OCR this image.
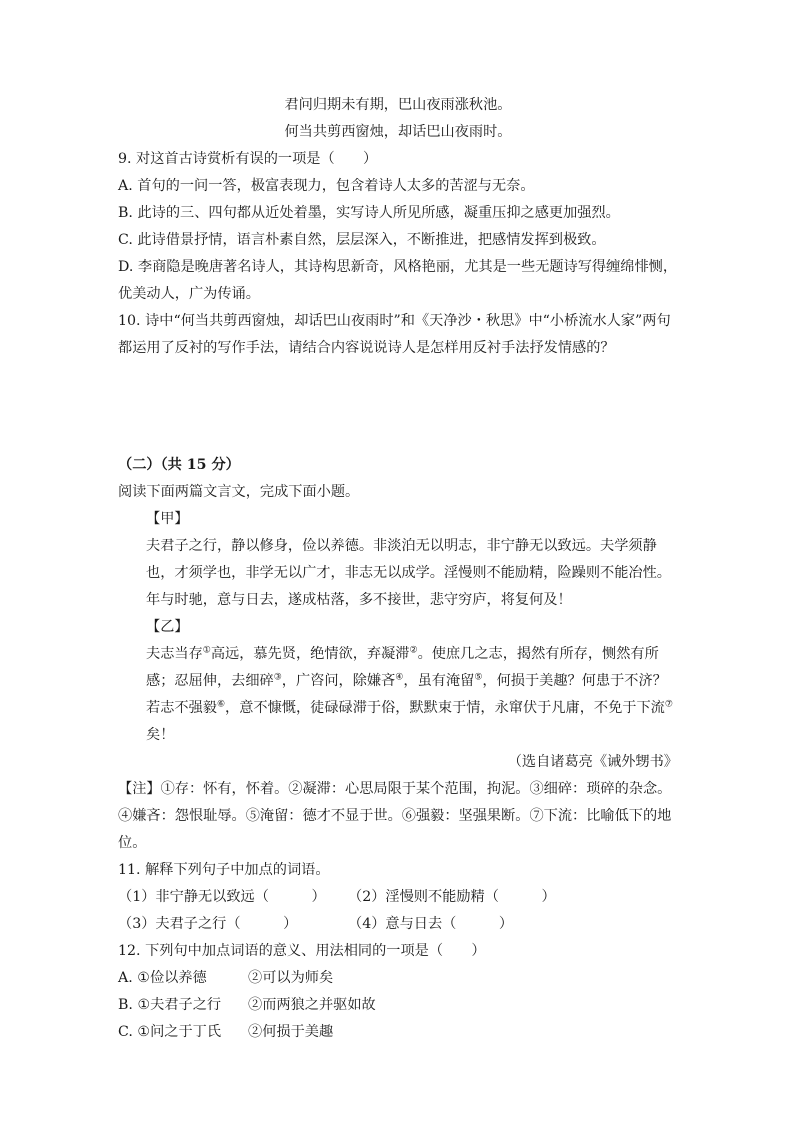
君问归期未有期，巴山夜雨涨秋池。

何当共剪西窗烛，却话巴山夜雨时。

9. 对这首古诗赏析有误的一项是（　　）

A. 首句的一问一答，极富表现力，包含着诗人太多的苦涩与无奈。

B. 此诗的三、四句都从近处着墨，实写诗人所见所感，凝重压抑之感更加强烈。

C. 此诗借景抒情，语言朴素自然，层层深入，不断推进，把感情发挥到极致。

D. 李商隐是晚唐著名诗人，其诗构思新奇，风格艳丽，尤其是一些无题诗写得缠绵悱恻，优美动人，广为传诵。

10. 诗中“何当共剪西窗烛，却话巴山夜雨时”和《天净沙・秋思》中“小桥流水人家”两句都运用了反衬的写作手法，请结合内容说说诗人是怎样用反衬手法抒发情感的？

（二）（共 15 分）

阅读下面两篇文言文，完成下面小题。

【甲】

夫君子之行，静以修身，俭以养德。非淡泊无以明志，非宁静无以致远。夫学须静也，才须学也，非学无以广才，非志无以成学。淫慢则不能励精，险躁则不能冶性。年与时驰，意与日去，遂成枯落，多不接世，悲守穷庐，将复何及！

【乙】

夫志当存①高远，慕先贤，绝情欲，弃凝滞②。使庶几之志，揭然有所存，恻然有所感；忍屈伸，去细碎③，广咨问，除嫌吝④，虽有淹留⑤，何损于美趣？何患于不济？若志不强毅⑥，意不慷慨，徒碌碌滞于俗，默默束于情，永窜伏于凡庸，不免于下流⑦矣！

（选自诸葛亮《诫外甥书》

【注】①存：怀有，怀着。②凝滞：心思局限于某个范围，拘泥。③细碎：琐碎的杂念。④嫌吝：怨恨耻辱。⑤淹留：德才不显于世。⑥强毅：坚强果断。⑦下流：比喻低下的地位。

11. 解释下列句子中加点的词语。

（1）非宁静无以致远（　　　）	（2）淫慢则不能励精（　　　）
（3）夫君子之行（　　　）	（4）意与日去（　　　）

12. 下列句中加点词语的意义、用法相同的一项是（　　）

A. ①俭以养德	②可以为师矣
B. ①夫君子之行	②而两狼之并驱如故
C. ①问之于丁氏	②何损于美趣
